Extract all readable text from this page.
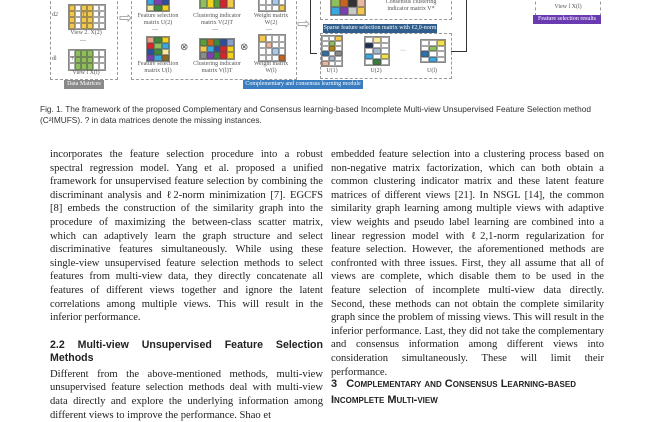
d2	? ?
View 2. X(2)
—
dl ?	?
View l X(l)
Data Matrices
⇨ Feature selection matrix U(2)
Clustering indicator matrix V(2)T
Weight matrix W(2)
—	—	—
⊗
Feature selection matrix U(l)
⊗
Clustering indicator matrix V(l)T
Weight matrix W(l)
Complementary and consensus learning module
⇨
Consensus clustering indicator matrix V*
Sparse feature selection matrix with ℓ2,0-norm
U(1)	U(2)
···
U(l)
View l X(l)
Feature selection results
Fig. 1. The framework of the proposed Complementary and Consensus learning-based Incomplete Multi-view Unsupervised Feature Selection method (C²IMUFS). ? in data matrices denote the missing instances.

incorporates the feature selection procedure into a robust spectral regression model. Yang et al. proposed a unified framework for unsupervised feature selection by combining the discriminant analysis and ℓ2-norm minimization [7]. EGCFS [8] embeds the construction of the similarity graph into the procedure of maximizing the between-class scatter matrix, which can adaptively learn the graph structure and select discriminative features simultaneously. While using these single-view unsupervised feature selection methods to select features from multi-view data, they directly concatenate all features of different views together and ignore the latent correlations among multiple views. This will result in the inferior performance.

2.2 Multi-view Unsupervised Feature Selection Methods

Different from the above-mentioned methods, multi-view unsupervised feature selection methods deal with multi-view data directly and explore the underlying information among different views to improve the performance. Shao et

embedded feature selection into a clustering process based on non-negative matrix factorization, which can both obtain a common clustering indicator matrix and these latent feature matrices of different views [21]. In NSGL [14], the common similarity graph learning among multiple views with adaptive view weights and pseudo label learning are combined into a linear regression model with ℓ2,1-norm regularization for feature selection. However, the aforementioned methods are confronted with three issues. First, they all assume that all of views are complete, which disable them to be used in the feature selection of incomplete multi-view data directly. Second, these methods can not obtain the complete similarity graph since the problem of missing views. This will result in the inferior performance. Last, they did not take the complementary and consensus information among different views into consideration simultaneously. These will limit their performance.

3 Complementary and Consensus Learning-based Incomplete Multi-view
